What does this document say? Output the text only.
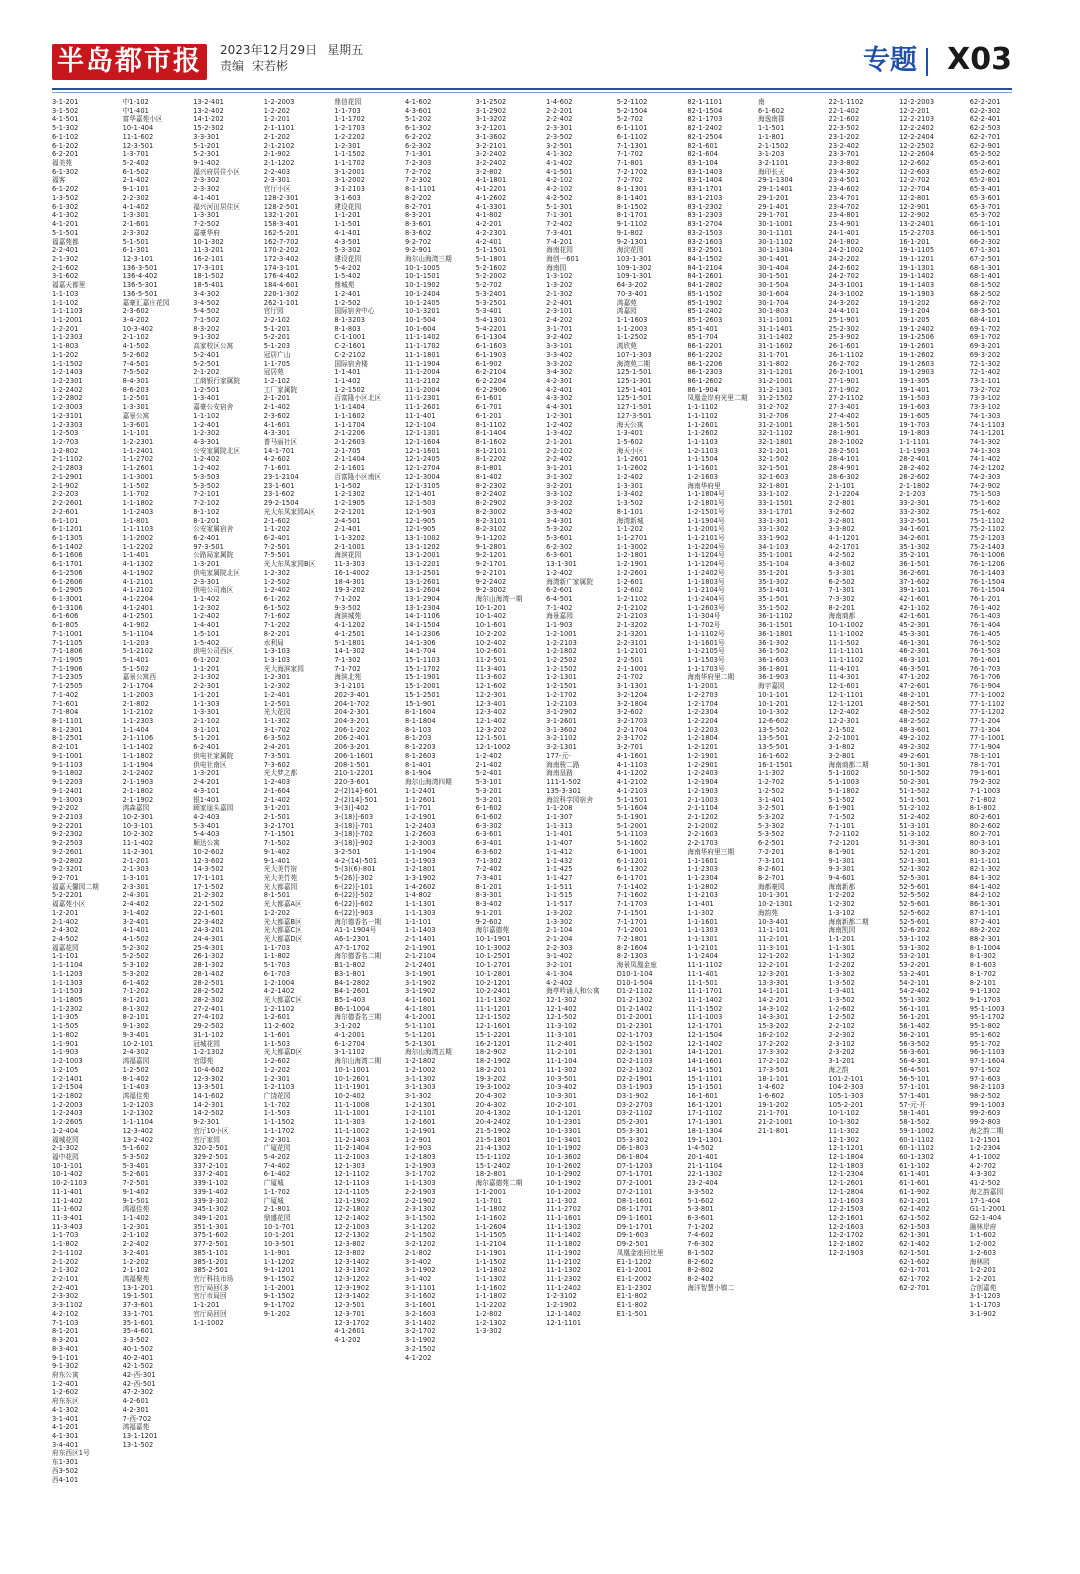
半岛都市报	2023年12月29日 星期五
责编 宋若彬	专题 X03
3-1-201
3-1-502
4-1-501
5-1-302
6-1-102
6-1-202
6-2-201
福美苑
6-1-302
福客
6-1-202
1-3-502
6-1-302
4-1-302
4-1-201
5-1-501
福嘉苑都
2-2-401
2-1-302
2-1-602
3-1-602
福嘉天都里
1-1-103
1-1-102
1-1-1103
1-1-2001
1-2-201
1-1-2303
1-1-803
1-1-202
1-1-1502
1-2-1403
1-2-2301
1-2-2402
1-2-2802
1-2-3003
1-2-3101
1-2-3303
1-2-503
1-2-703
1-2-802
2-1-1102
2-1-2803
2-1-2901
2-1-902
2-2-203
2-2-2601
2-2-601
6-1-101
6-1-1201
6-1-1305
6-1-1402
6-1-1606
6-1-1701
6-1-2506
6-1-2606
6-1-2905
6-1-3001
6-1-3106
6-1-606
6-1-805
7-1-1001
7-1-1105
7-1-1806
7-1-1905
7-1-1906
7-1-2305
7-1-2505
7-1-402
7-1-601
7-1-804
8-1-1101
8-1-2301
8-1-2501
8-2-101
9-1-1001
9-1-1103
9-1-1802
9-1-2203
9-1-2401
9-1-3003
9-2-202
9-2-2103
9-2-2201
9-2-2302
9-2-2503
9-2-2601
9-2-2802
9-2-3201
9-2-701
福嘉天馨园二期
5-2-2201
福嘉苑小区
1-2-201
2-1-402
2-4-302
2-4-502
福嘉花园
1-1-101
1-1-1104
1-1-1203
1-1-1303
1-1-1503
1-1-1805
1-1-2302
1-1-305
1-1-505
1-1-802
1-1-901
1-1-903
1-2-1003
1-2-105
1-2-1401
1-2-1504
1-2-1802
1-2-2003
1-2-2403
1-2-2605
1-2-404
福城花园
2-1-302
福中花园
10-1-101
10-1-402
10-2-1103
11-1-401
11-1-402
11-1-602
11-3-401
11-3-403
1-1-703
1-1-802
2-1-1102
2-1-202
2-1-302
2-2-101
2-2-401
2-3-302
3-3-1102
4-2-102
7-1-103
8-1-201
8-3-201
8-3-401
9-1-101
9-1-302
府东公寓
1-2-401
1-2-602
府东东区
4-1-302
3-1-401
4-1-201
4-1-301
3-4-401
府东西区1号
东1-301
西3-502
西4-101
中1-102
中1-401
富华嘉苑小区
10-1-404
11-1-602
12-3-501
1-3-701
5-2-402
6-1-502
2-1-402
9-1-101
2-2-302
4-1-402
1-3-301
2-1-601
2-3-302
5-1-501
6-1-301
12-3-101
136-3-501
136-4-402
136-5-301
136-5-501
嘉豪汇嘉庄花园
2-3-602
3-4-202
10-3-402
2-1-102
4-1-502
5-2-602
7-4-501
7-5-502
8-4-301
8-6-203
1-2-501
1-3-301
嘉景公寓
1-3-601
1-1-101
1-2-2301
1-1-2401
1-1-2702
1-1-2601
1-1-3001
1-1-502
1-1-702
1-1-1802
1-1-2403
1-1-801
1-1-1103
1-1-2002
1-1-2202
1-1-401
4-1-1302
4-1-1902
4-1-2101
4-1-2102
4-1-2204
4-1-2401
4-1-2501
4-1-902
5-1-1104
1-1-203
5-1-2102
5-1-401
5-1-502
嘉景公寓西
2-1-1704
1-1-2003
2-1-802
1-1-2102
1-1-2303
1-1-404
2-1-1106
1-1-1402
1-1-1802
1-1-1904
2-1-2402
2-1-1903
2-1-1802
2-1-1902
鸿森嘉园
10-2-301
10-3-101
10-2-302
11-1-402
11-2-301
2-1-201
2-1-303
1-3-101
2-3-301
2-4-301
2-4-402
3-1-402
3-2-401
4-1-401
4-1-502
5-2-302
5-2-502
5-3-102
5-3-202
6-1-402
7-1-202
8-1-201
8-1-302
8-2-101
9-1-302
9-3-401
10-2-101
2-4-302
鸿福嘉园
1-2-502
8-1-402
1-1-403
鸿福佳苑
1-2-1203
1-2-1302
1-1-1104
12-3-402
13-2-402
5-1-602
5-3-502
5-3-401
5-2-601
7-2-501
9-1-402
9-1-501
鸿福佳苑
1-1-402
1-2-301
2-1-102
2-2-402
3-2-401
1-2-202
2-1-102
鸿福聚苑
13-1-201
19-1-501
37-3-601
33-1-701
35-1-601
35-4-601
3-3-502
40-1-502
40-2-401
42-1-502
42-西-301
42-西-501
47-2-302
4-2-601
4-2-301
7-西-702
鸿福嘉苑
13-1-1201
13-1-502
13-2-401
13-2-402
14-1-202
15-2-302
3-3-301
5-1-201
5-2-301
9-1-402
福兴府居住小区
2-3-302
2-3-302
4-1-401
福兴河田居住区
1-3-301
7-2-502
嘉豪华府
10-1-302
11-3-201
16-2-101
17-3-101
18-1-502
18-5-401
3-4-302
3-4-502
5-4-502
7-1-502
8-3-202
9-1-302
高家校区公寓
5-2-401
5-2-501
2-1-202
工商银行家属院
1-2-501
1-3-401
嘉豪公安宿舍
1-1-102
1-2-401
1-2-302
4-3-301
公安家属院北区
1-2-402
1-2-402
5-3-503
5-3-502
7-2-101
7-2-102
8-1-102
8-1-201
公安家属宿舍
6-2-401
97-3-501
公路局家属院
1-3-201
供电家属院北区
2-3-301
供电公司南区
1-1-402
1-2-302
1-2-402
1-4-401
1-5-101
1-5-402
供电公司西区
6-1-202
1-1-201
2-1-302
2-2-301
1-1-201
1-1-303
1-3-301
2-1-102
3-1-101
5-1-201
6-2-401
供电社家属院
供电社南区
1-3-201
2-4-201
4-3-101
银1-401
顾家崖头嘉园
4-2-403
5-3-401
5-4-403
顺达公寓
10-2-602
12-3-602
14-3-502
17-1-101
17-1-502
21-2-302
22-1-502
22-1-601
22-3-402
24-3-201
24-4-301
25-4-301
26-1-302
28-1-302
28-1-402
28-2-501
28-2-502
28-2-302
27-2-401
27-4-102
29-2-502
31-1-102
冠城花园
1-2-1302
官邸苑
10-4-602
12-3-302
13-3-501
14-1-602
14-2-301
14-2-502
9-2-301
官厅10小区
官厅家园
320-2-501
329-2-501
337-2-101
337-2-401
339-1-102
339-1-402
339-3-302
345-1-302
349-1-201
351-1-301
375-1-602
377-2-501
385-1-101
385-1-201
385-2-501
官厅科技市场
官厅局回(多
官厅市局回
1-1-201
官厅局回回
1-1-1002
1-2-2003
1-2-202
1-2-201
2-1-1101
2-1-202
2-1-2102
2-1-902
2-1-1202
2-2-403
2-3-301
官厅小区
128-2-301
128-2-501
132-1-201
158-3-401
162-5-201
162-7-702
170-2-202
172-3-402
174-3-101
176-4-402
184-4-601
220-1-302
262-1-101
官厅园
2-2-102
5-1-201
5-2-201
5-1-203
冠居广山
1-1-705
冠居苑
1-2-102
工厂家属院
2-1-201
2-1-402
2-3-602
4-1-601
4-3-301
普马丽社区
14-1-701
4-2-602
7-1-601
23-1-2104
23-1-601
23-1-602
29-2-1504
光大东凤家园A区
2-1-602
1-1-202
6-2-401
7-2-501
7-5-501
光大东凤家园B区
1-2-302
1-2-502
1-2-402
6-1-202
6-1-502
7-1-602
7-1-202
8-2-201
水利局
1-3-103
1-3-103
光大海滨家园
1-2-301
1-2-302
1-2-401
1-2-501
光大花园
1-1-302
3-1-702
6-3-502
2-4-201
7-3-501
7-3-602
光大梦之都
1-2-403
2-1-604
2-1-402
3-1-201
2-1-501
3-2-1701
7-1-1501
7-1-502
9-1-402
9-1-401
光大美竹宿
光大美竹苑
光大都嘉园
8-1-501
光大都嘉A区
1-2-202
光大都嘉B区
光大都嘉C区
光大都嘉D区
1-1-703
1-1-802
5-1-703
6-1-703
1-2-1004
4-2-1402
光大都嘉C区
1-2-1102
1-2-601
11-2-602
1-1-601
1-1-503
光大都嘉D区
1-2-602
1-2-202
1-2-301
1-2-1103
广饶花园
1-1-702
1-1-503
1-1-1502
1-1-1702
2-2-301
广厦花园
5-4-202
7-4-402
6-1-402
广厦城
1-1-702
广厦城
2-1-801
鼎盛花园
10-1-701
10-1-201
10-3-501
1-1-901
1-1-1202
9-1-1201
9-1-1502
1-1-2001
9-1-1502
9-1-1702
9-1-202
鼎信花园
1-1-703
1-1-1702
1-2-1703
1-2-2202
1-2-301
1-1-1502
1-1-1702
3-1-2001
3-1-2002
3-1-2103
3-1-603
建设花园
1-1-201
1-1-501
4-1-401
4-3-501
5-3-302
建设花园
5-4-202
1-5-402
鼎城苑
1-2-401
1-2-502
国际宿舍中心
8-1-3203
8-1-803
C-1-1001
C-2-1601
C-2-2102
国际宿舍楼
1-1-401
1-1-402
1-2-1502
百富隆小区北区
1-1-1404
1-1-1602
1-1-1704
2-1-2206
2-1-2603
2-1-705
2-1-1404
2-1-1601
百富隆小区南区
1-1-502
1-2-1302
1-2-1905
2-2-1201
2-4-501
2-1-401
1-1-3202
2-1-1001
海滨花园
11-3-303
16-1-4002
18-4-301
19-3-202
7-1-202
9-3-502
海滨城苑
4-1-1202
4-1-2501
5-1-1801
14-1-302
7-1-302
7-1-702
海滨北苑
3-1-2101
202-3-401
204-1-702
204-2-301
204-3-201
206-1-202
206-2-401
206-3-201
206-1-1601
208-1-501
210-1-2201
220-3-601
2-(2)14]-601
2-(2)14]-501
3-(3)]-402
3-(18)]-603
3-(18)]-701
3-(18)]-702
3-(18)]-902
3-2-501
4-2-(14)-501
5-(3)(6)-801
5-(26)]-302
6-(22)]-101
6-(22)]-502
6-(22)]-602
6-(22)]-903
海尔德香名一期
A1-1-1904号
A6-1-2301
A7-1-1702
海尔德香名二期
B1-1-802
B3-1-801
B4-1-2802
B4-1-2601
B5-1-403
B6-1-1004
海尔德香名三期
3-1-202
4-1-2001
6-1-2704
3-1-1102
海尔山海湾二期
10-1-1001
10-1-2601
11-1-1901
10-2-402
11-1-1008
11-1-1001
11-1-303
11-1-1002
11-2-1403
11-2-1404
11-2-1003
12-1-303
12-1-1102
12-1-1103
12-1-1105
12-1-1902
12-2-1802
12-2-1402
12-2-1003
12-2-1302
12-3-802
12-3-802
12-3-1402
12-3-1302
12-3-1202
12-3-1902
12-3-1402
12-3-501
12-3-701
12-3-1702
4-1-2601
4-1-202
4-1-602
4-3-601
5-1-202
6-1-302
6-2-202
6-2-302
7-1-301
7-2-303
7-2-702
7-2-302
8-1-1101
8-2-202
8-2-701
8-3-201
8-3-601
8-3-602
9-2-702
9-2-901
海尔山海湾三期
10-1-1005
10-1-1501
10-1-1902
10-1-2404
10-1-2405
10-1-3201
10-1-504
10-1-604
11-1-1402
11-1-1702
11-1-1801
11-1-1904
11-1-2004
11-1-2102
11-1-2004
11-1-2301
11-1-2601
11-1-401
12-1-104
12-1-1301
12-1-1604
12-1-1601
12-1-2405
12-1-2704
12-1-3004
12-1-3105
12-1-401
12-1-503
12-1-903
12-1-905
12-1-905
13-1-1002
13-1-1202
13-1-2001
13-1-2201
13-1-2501
13-1-2601
13-1-2604
13-1-2904
13-1-2304
14-1-1106
14-1-1504
14-1-2306
14-1-306
14-1-704
15-1-1103
15-1-1702
15-1-1901
15-1-2001
15-1-2501
15-1-901
8-1-1604
8-1-1804
8-1-103
8-1-203
8-1-2203
8-1-2603
8-1-401
8-1-904
海尔山海湾四期
1-1-2401
1-1-2601
1-1-701
1-2-1901
1-2-2403
1-2-2603
1-2-3003
1-1-1904
1-1-1903
1-2-1801
1-3-1902
1-4-2602
1-4-802
1-1-1301
1-1-1303
1-1-101
1-1-1403
2-1-1401
2-1-1901
2-1-2104
2-1-2401
3-1-1901
3-1-1902
3-1-1902
4-1-1601
4-1-1801
4-1-2001
5-1-1101
5-1-1201
5-2-1301
海尔山海湾五期
1-2-1802
1-2-1002
3-1-1302
3-1-1303
3-1-302
1-2-1301
1-2-1101
1-2-1601
1-2-1901
1-2-901
1-2-903
1-2-1803
1-2-1903
3-1-1702
1-1-1303
2-2-1903
2-2-1902
2-3-1302
3-1-1502
3-1-1202
2-1-1502
3-2-1202
2-1-802
3-1-402
3-1-1902
3-1-402
3-1-1101
3-1-1602
3-1-1601
3-2-1603
3-1-1402
3-2-1702
3-1-1902
3-2-1502
4-1-202
3-1-2502
3-1-2902
3-1-3202
3-2-1201
3-1-3602
3-2-2101
3-2-2402
3-2-2402
3-2-802
4-1-1801
4-1-2201
4-1-2602
4-1-3301
4-1-802
4-2-201
4-2-2301
4-2-401
5-1-1501
5-1-1801
5-2-1602
5-2-2002
5-2-702
5-3-2401
5-3-2501
5-3-401
5-4-1301
5-4-2201
6-1-1304
6-1-1603
6-1-1903
6-1-902
6-2-2104
6-2-2204
6-2-2906
6-1-601
6-1-701
6-1-201
8-1-1102
8-1-1404
8-1-1602
8-1-2101
8-1-2202
8-1-801
8-1-402
8-2-2302
8-2-2402
8-2-2902
8-2-3002
8-2-3101
8-2-3102
9-1-1202
9-1-2801
9-2-1201
9-2-1701
9-2-2101
9-2-2402
9-2-3002
海尔山海湾一期
10-1-201
10-1-402
10-1-601
10-2-202
10-2-402
10-2-601
11-2-501
11-3-401
11-3-602
12-1-602
12-2-301
12-3-401
12-3-402
12-1-402
12-3-202
12-1-501
12-1-1002
1-2-402
2-1-402
5-2-401
5-3-101
5-3-201
5-3-201
6-1-602
6-1-602
6-3-302
6-3-601
6-3-401
6-3-602
7-1-302
7-2-402
7-3-401
8-1-201
8-3-301
8-3-402
9-1-201
9-2-602
海尔嘉德苑
10-1-1901
10-1-3002
10-1-2501
10-1-2701
10-1-2801
10-2-1201
10-2-2401
11-1-1302
11-1-1201
12-1-1502
12-1-1601
15-1-2201
16-2-1201
18-2-902
18-2-1902
18-2-201
19-3-202
19-3-1002
20-4-302
20-4-302
20-4-1302
20-4-2402
21-5-1902
21-5-1801
21-4-1302
15-1-1102
15-1-2402
18-2-801
海尔嘉德苑二期
1-1-2001
1-1-701
1-1-1802
1-1-1602
1-1-2604
1-1-1505
1-1-2104
1-1-1901
1-1-1502
1-1-1802
1-1-1302
1-1-1602
1-1-1802
1-1-2202
1-2-802
1-2-1302
1-3-302
1-4-602
2-2-201
2-2-402
2-3-301
2-3-502
3-2-501
4-1-302
4-1-402
4-1-501
4-2-102
4-2-102
4-2-502
5-1-301
7-1-301
7-2-402
7-3-401
7-4-201
海南花园
海创一601
海南园
1-3-102
1-3-202
2-1-302
2-2-401
2-3-101
2-4-202
3-1-701
3-2-402
3-3-101
3-3-402
3-3-202
3-4-302
4-2-301
4-2-401
4-3-302
4-4-301
1-2-301
1-2-402
1-3-402
2-1-201
2-2-102
2-2-402
3-1-201
3-1-302
3-2-201
3-3-102
3-3-202
3-3-402
3-4-301
5-3-202
5-3-601
6-2-302
6-3-601
13-1-301
1-2-402
海湾新广家属院
6-2-601
6-4-501
7-1-402
海景嘉园
1-1-903
1-2-1001
1-2-2103
1-2-1802
1-2-2502
1-2-1502
1-2-1301
1-2-1501
1-2-1702
1-2-2103
3-1-2902
3-1-2601
3-1-3602
3-2-1102
3-2-1301
177-元-
海南骏二路
海南垦路
111-1-502
135-3-301
海淀科学园宿舍
1-1-208
1-1-307
1-1-313
1-1-401
1-1-407
1-1-412
1-1-432
1-1-425
1-1-427
1-1-511
1-1-515
1-1-517
1-3-202
1-3-302
2-1-104
2-1-204
2-2-303
3-1-402
3-2-101
4-1-304
4-2-402
海亭吟诵人和公寓
12-1-302
12-1-402
12-1-502
11-3-102
11-3-101
11-2-401
11-2-101
11-1-104
11-1-302
10-3-501
10-3-402
10-3-301
10-2-101
10-1-1201
10-1-2301
10-1-3301
10-1-3401
10-1-1902
10-1-3602
10-1-2602
10-1-2902
10-1-1902
10-1-2002
11-1-302
11-1-2702
11-1-1601
11-1-1302
11-1-1402
11-1-1802
11-1-1902
11-1-2102
11-1-1302
11-1-2302
11-1-2402
1-2-3102
1-2-1902
12-1-1402
12-1-1101
5-2-1102
5-2-1504
5-2-702
6-1-1101
6-1-1102
7-1-1301
7-1-702
7-1-801
7-2-1702
7-2-702
8-1-1301
8-1-1401
8-1-1502
8-1-1701
9-1-1102
9-1-802
9-2-1301
海淀花园
103-1-301
109-1-302
109-1-301
64-3-202
70-3-401
鸿嘉苑
鸿嘉园
1-1-1603
1-1-2003
1-1-2502
鸿欣苑
107-1-303
海湾苑二期
125-1-501
125-1-301
125-1-401
125-1-501
127-1-501
127-3-501
海天公寓
1-3-401
1-5-602
海天小区
1-1-2601
1-1-2602
1-2-402
1-3-301
1-3-402
1-3-502
8-1-101
海湾新城
1-1-202
1-1-2701
1-1-3002
1-2-1801
1-2-1901
1-2-2601
1-2-601
1-2-602
1-2-1102
2-1-2102
2-1-2103
2-1-3202
2-1-3201
2-2-3101
1-1-2101
2-2-501
2-1-1001
2-1-702
3-1-1301
3-2-1204
3-2-1804
3-2-602
3-2-1703
2-2-1704
2-3-1702
3-2-701
4-1-1601
4-1-1103
4-1-1202
4-1-2102
4-1-2103
5-1-1501
5-1-1604
5-1-1901
5-1-2001
5-1-1103
5-1-1602
6-1-1001
6-1-1201
6-1-1302
6-1-1701
7-1-1402
7-1-1602
7-1-1703
7-1-1501
7-1-1701
7-1-2001
7-2-1801
8-2-1604
8-2-1303
海景凤凰金座
D10-1-104
D10-1-504
D1-2-1102
D1-2-1302
D1-2-1402
D1-2-2001
D1-2-2301
D2-1-1703
D2-1-1502
D2-2-1301
D2-2-1103
D2-2-1302
D2-2-1901
D3-1-1903
D3-1-902
D3-2-2703
D3-2-1102
D5-2-301
D5-3-301
D5-3-302
D6-1-803
D6-1-804
D7-1-1203
D7-1-1701
D7-2-1001
D7-2-1101
D8-1-1601
D8-1-1701
D9-1-1601
D9-1-1701
D9-1-603
D9-2-501
凤凰金座回比里
E1-1-1202
E1-1-2001
E1-1-2002
E1-1-2302
E1-1-802
E1-1-802
E1-1-501
82-1-1101
82-1-1504
82-1-1703
82-1-2402
82-1-2504
82-1-601
82-1-604
83-1-104
83-1-1403
83-1-1404
83-1-1701
83-1-2103
83-1-2302
83-1-2303
83-1-2704
83-2-1503
83-2-1603
83-2-2501
84-1-1502
84-1-2104
84-1-2601
84-1-2802
85-1-1502
85-1-1902
85-1-2402
85-1-2603
85-1-401
85-1-704
86-1-2201
86-1-2202
86-1-2206
86-1-2303
86-1-2602
86-1-904
凤凰金岸府光里二期
1-1-1102
1-1-1102
1-1-2601
1-1-2602
1-1-1103
1-2-1103
1-1-1504
1-1-1601
1-2-1603
海南华府里
1-1-1804号
1-2-1801号
1-2-1501号
1-1-1904号
1-1-2001号
1-1-2101号
1-1-2204号
1-1-1204号
1-1-1204号
1-1-2402号
1-1-1803号
1-1-2104号
1-1-2404号
1-1-2603号
1-1-304号
1-1-702号
1-1-1102号
1-1-1601号
1-1-2105号
1-1-1503号
1-1-1703号
海南华府里二期
1-1-2001
1-2-2703
1-2-1704
1-2-2304
1-2-2204
1-2-2203
1-2-1804
1-2-1201
1-2-1901
1-2-2901
1-2-2403
1-2-1904
1-2-1903
2-1-1003
2-1-1104
2-1-1202
2-1-2002
2-2-1603
2-2-1703
海南华府里三期
1-1-1601
1-1-2303
1-1-2304
1-1-2802
1-1-2103
1-1-401
1-1-302
1-1-1601
1-1-1303
1-1-1301
1-1-2101
1-1-2404
11-1-1102
11-1-401
11-1-501
11-1-1701
11-1-1402
11-1-1502
11-1-1003
12-1-1701
12-1-1504
12-1-1402
14-1-1201
14-1-1601
14-1-1501
15-1-1101
15-1-1501
16-1-601
16-1-1201
17-1-1102
17-1-1301
18-1-1304
19-1-1301
1-4-502
20-1-401
21-1-1104
22-1-1302
23-2-404
3-3-502
5-1-602
5-3-801
6-3-601
7-1-202
7-4-602
7-6-302
8-1-502
8-2-602
8-2-802
8-2-402
海洋智慧小镇二
南
6-1-602
海逸南郡
1-1-501
1-1-801
2-1-1502
3-1-203
3-2-1101
海印长天
29-1-1304
29-1-1401
29-1-201
29-1-401
29-1-701
30-1-1001
30-1-1101
30-1-1102
30-1-1304
30-1-401
30-1-404
30-1-501
30-1-504
30-1-604
30-1-704
30-1-803
31-1-1001
31-1-1401
31-1-1402
31-1-1602
31-1-701
31-1-802
31-1-1201
31-2-1001
31-2-1301
31-2-1502
31-2-702
31-2-706
31-2-1001
32-1-1102
32-1-1801
32-1-201
32-1-502
32-1-501
32-1-603
32-1-801
33-1-102
33-1-1501
33-1-1701
33-1-301
33-1-302
33-1-902
34-1-103
35-1-1001
35-1-104
35-1-201
35-1-302
35-1-401
35-1-501
35-1-502
36-1-1102
36-1-1501
36-1-1801
36-1-302
36-1-502
36-1-603
36-1-801
36-1-903
海宇嘉园
10-1-101
10-1-201
10-1-302
12-6-602
13-5-502
13-5-501
13-5-501
16-1-602
16-1-1501
1-1-302
1-2-702
1-2-502
3-1-401
3-2-501
5-3-202
5-3-302
5-3-502
6-2-501
7-2-201
7-3-101
8-2-601
8-2-701
海都豪园
10-1-301
10-2-1301
海韵苑
10-3-401
11-1-101
11-2-101
11-3-101
12-1-202
12-2-101
12-3-201
13-3-301
14-1-101
14-2-201
14-3-102
14-3-301
15-3-202
16-2-102
17-2-202
17-3-302
17-2-102
17-3-501
18-1-101
1-4-602
1-6-602
19-1-202
21-1-701
21-2-1001
21-1-801
22-1-1102
22-1-402
22-1-602
22-3-502
23-1-202
23-2-402
23-3-701
23-3-802
23-4-302
23-4-501
23-4-602
23-4-701
23-4-702
23-4-801
23-4-901
24-1-401
24-1-802
24-2-1002
24-2-202
24-2-602
24-2-702
24-3-1001
24-3-1002
24-3-202
24-4-101
25-1-901
25-2-302
25-3-902
26-1-601
26-1-1102
26-2-702
26-2-1001
27-1-901
27-1-902
27-2-1102
27-3-401
27-4-402
28-1-501
28-1-901
28-2-1002
28-2-501
28-4-101
28-4-901
28-6-302
2-1-101
2-1-2204
2-2-801
3-2-602
3-2-801
3-3-802
4-1-1201
4-2-1701
4-2-502
4-3-602
5-3-301
6-2-502
7-1-301
7-3-302
8-2-201
海南商都
10-1-1002
11-1-1002
11-1-502
11-1-1101
11-1-1102
11-4-101
11-4-301
12-1-601
12-1-1101
12-1-1201
12-2-402
12-2-301
2-1-502
2-2-1001
3-1-802
3-2-801
海南商都二期
5-1-1002
5-1-1003
5-1-1802
5-1-502
6-1-901
7-1-502
7-1-101
7-2-1102
7-2-1201
8-1-901
9-1-301
9-3-301
9-4-601
海南新都
1-2-202
1-2-302
1-3-102
海南新都二期
海南凯园
1-1-201
1-1-301
1-1-302
1-2-202
1-3-302
1-3-502
1-3-401
1-3-502
1-2-602
1-2-502
2-2-102
2-2-302
2-3-102
2-3-202
3-1-201
海之韵
101-2-101
104-2-303
105-1-303
105-2-201
10-1-102
10-1-302
11-1-302
12-1-302
12-1-1201
12-1-1804
12-1-1803
12-1-2304
12-1-2601
12-1-2804
12-1-1603
12-2-1503
12-2-1601
12-2-1603
12-2-1702
12-2-1802
12-2-1903
12-2-2003
12-2-201
12-2-2103
12-2-2402
12-2-2404
12-2-2502
12-2-2604
12-2-602
12-2-603
12-2-702
12-2-704
12-2-801
12-2-901
12-2-902
13-2-2401
15-2-2703
16-1-201
19-1-1105
19-1-1201
19-1-1301
19-1-1402
19-1-1403
19-1-1903
19-1-202
19-1-204
19-1-205
19-1-2402
19-1-2506
19-1-2601
19-1-2602
19-1-2603
19-1-2903
19-1-305
19-1-401
19-1-503
19-1-603
19-1-605
19-1-703
19-1-803
1-1-1101
1-1-1903
28-2-401
28-2-402
28-2-602
2-1-1802
2-1-203
33-2-301
33-2-302
33-2-501
34-1-601
34-2-601
35-1-302
35-2-101
36-1-501
36-2-601
37-1-602
39-1-101
42-1-601
42-1-102
42-1-601
45-2-301
45-3-301
46-1-301
46-2-301
46-3-101
46-3-501
47-1-202
47-2-601
48-2-101
48-2-501
48-2-502
48-2-502
48-3-601
49-2-102
49-2-302
49-2-601
50-1-301
50-1-502
50-2-301
51-1-502
51-1-501
51-2-102
51-2-402
51-3-101
51-3-102
51-3-301
52-1-201
52-1-301
52-1-302
52-5-301
52-5-601
52-5-502
52-5-601
52-5-602
52-5-601
52-6-202
53-1-102
53-1-302
53-2-101
53-2-201
53-2-401
54-2-101
54-2-402
55-1-302
56-1-101
56-1-201
56-1-402
56-2-101
56-3-502
56-3-601
56-4-301
56-4-501
56-5-101
57-1-101
57-1-401
57-元-开
58-1-401
58-1-502
59-1-1002
60-1-1102
60-1-1102
60-1-1302
61-1-102
61-1-401
61-1-601
61-1-902
62-1-201
62-1-402
62-1-502
62-1-503
62-1-301
62-1-402
62-1-501
62-1-602
62-1-701
62-1-702
62-2-701
62-2-201
62-2-302
62-2-401
62-2-503
62-2-701
62-2-901
65-2-502
65-2-601
65-2-602
65-2-801
65-3-401
65-3-601
65-3-701
65-3-702
66-1-101
66-1-501
66-2-302
67-1-301
67-2-501
68-1-301
68-1-401
68-1-502
68-2-502
68-2-702
68-3-501
68-4-101
69-1-702
69-1-702
69-3-201
69-3-202
72-1-302
72-1-402
73-1-101
73-2-702
73-3-102
73-3-102
74-1-303
74-1-1103
74-1-1201
74-1-302
74-1-303
74-1-402
74-2-1202
74-2-303
74-2-902
75-1-503
75-1-602
75-1-602
75-1-1102
75-2-1102
75-2-1203
75-2-1403
76-1-1006
76-1-1206
76-1-1403
76-1-1504
76-1-1504
76-1-201
76-1-402
76-1-403
76-1-404
76-1-405
76-1-502
76-1-503
76-1-601
76-1-703
76-1-706
76-1-904
77-1-1002
77-1-1102
77-1-1202
77-1-204
77-1-304
77-1-1001
77-1-904
78-1-101
78-1-701
79-1-601
79-2-302
7-1-1003
7-1-802
8-1-802
80-2-601
80-2-602
80-2-701
80-3-101
80-3-202
81-1-101
82-1-302
84-1-302
84-1-402
84-2-102
86-1-301
87-1-101
87-2-401
88-2-202
88-2-301
8-1-1004
8-1-302
8-1-603
8-1-702
8-2-101
9-1-1302
9-1-1703
95-1-1003
95-1-1702
95-1-802
95-1-602
95-1-702
96-1-1103
97-1-1604
97-1-502
97-1-603
98-2-1103
98-2-502
99-1-1003
99-2-603
99-2-803
海之韵二期
1-2-1501
1-2-2304
4-1-1002
4-2-702
4-3-302
41-2-502
海之韵嘉园
17-1-404
G1-1-2001
G2-1-404
融林岸府
1-1-602
1-2-002
1-2-603
海林园
1-2-201
1-2-201
合创嘉苑
3-1-1203
1-1-1703
3-1-902
